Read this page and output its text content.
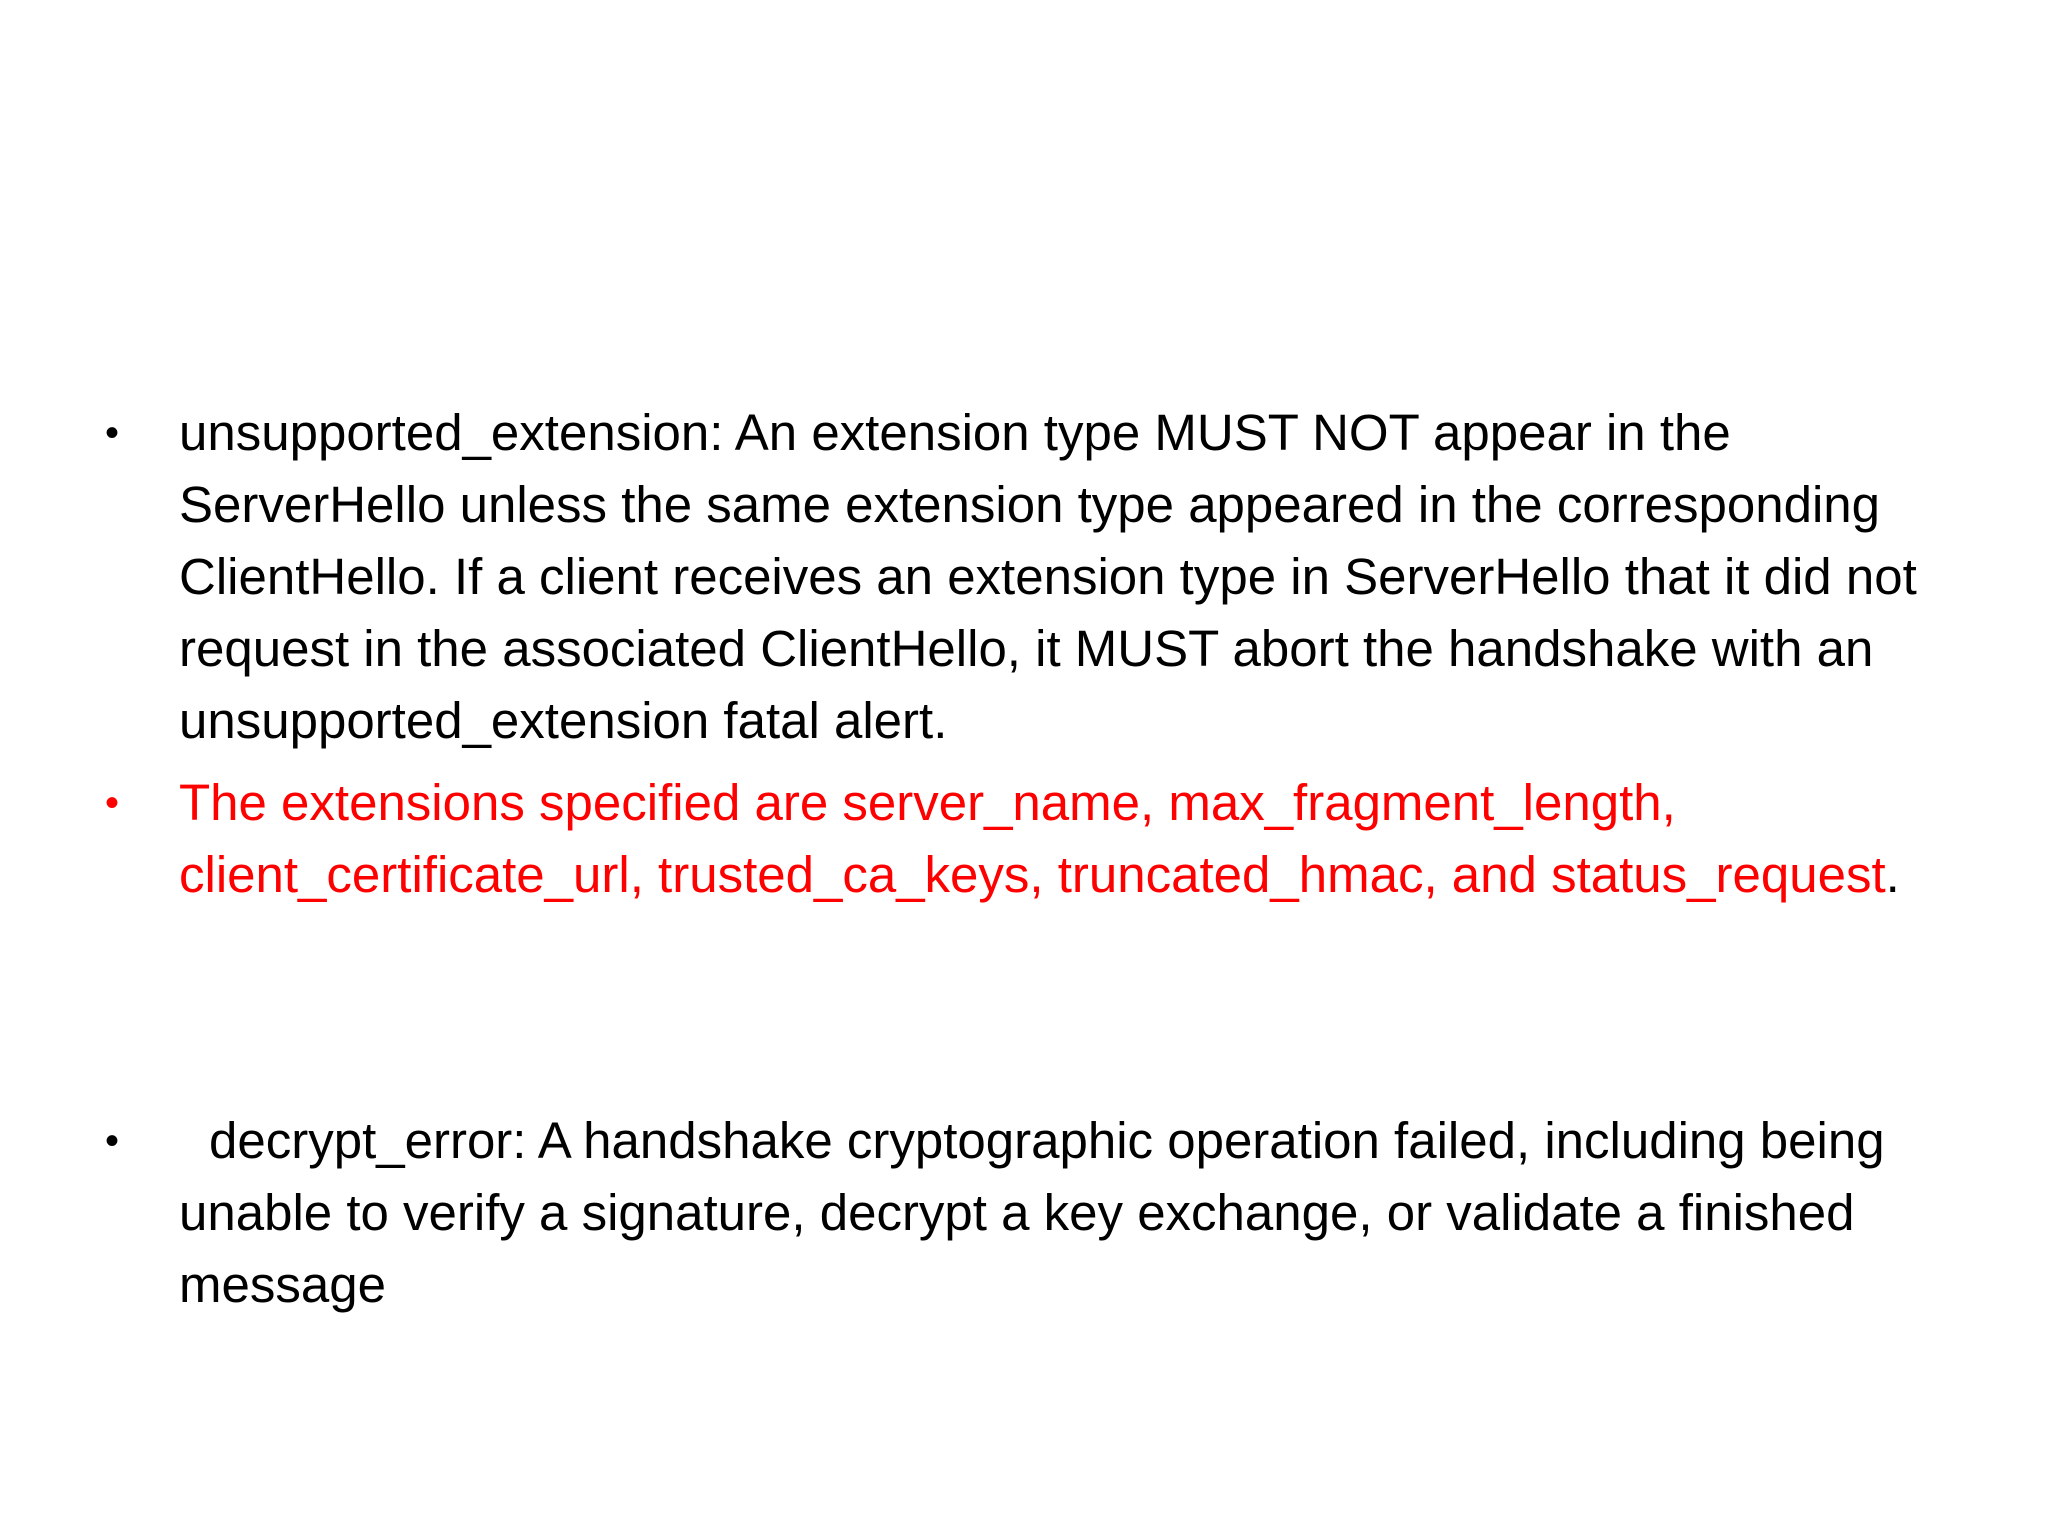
•	unsupported_extension: An extension type MUST NOT appear in the ServerHello unless the same extension type appeared in the corresponding ClientHello. If a client receives an extension type in ServerHello that it did not request in the associated ClientHello, it MUST abort the handshake with an unsupported_extension fatal alert.
•	The extensions specified are server_name, max_fragment_length, client_certificate_url, trusted_ca_keys, truncated_hmac, and status_request.
•	decrypt_error: A handshake cryptographic operation failed, including being unable to verify a signature, decrypt a key exchange, or validate a finished message
